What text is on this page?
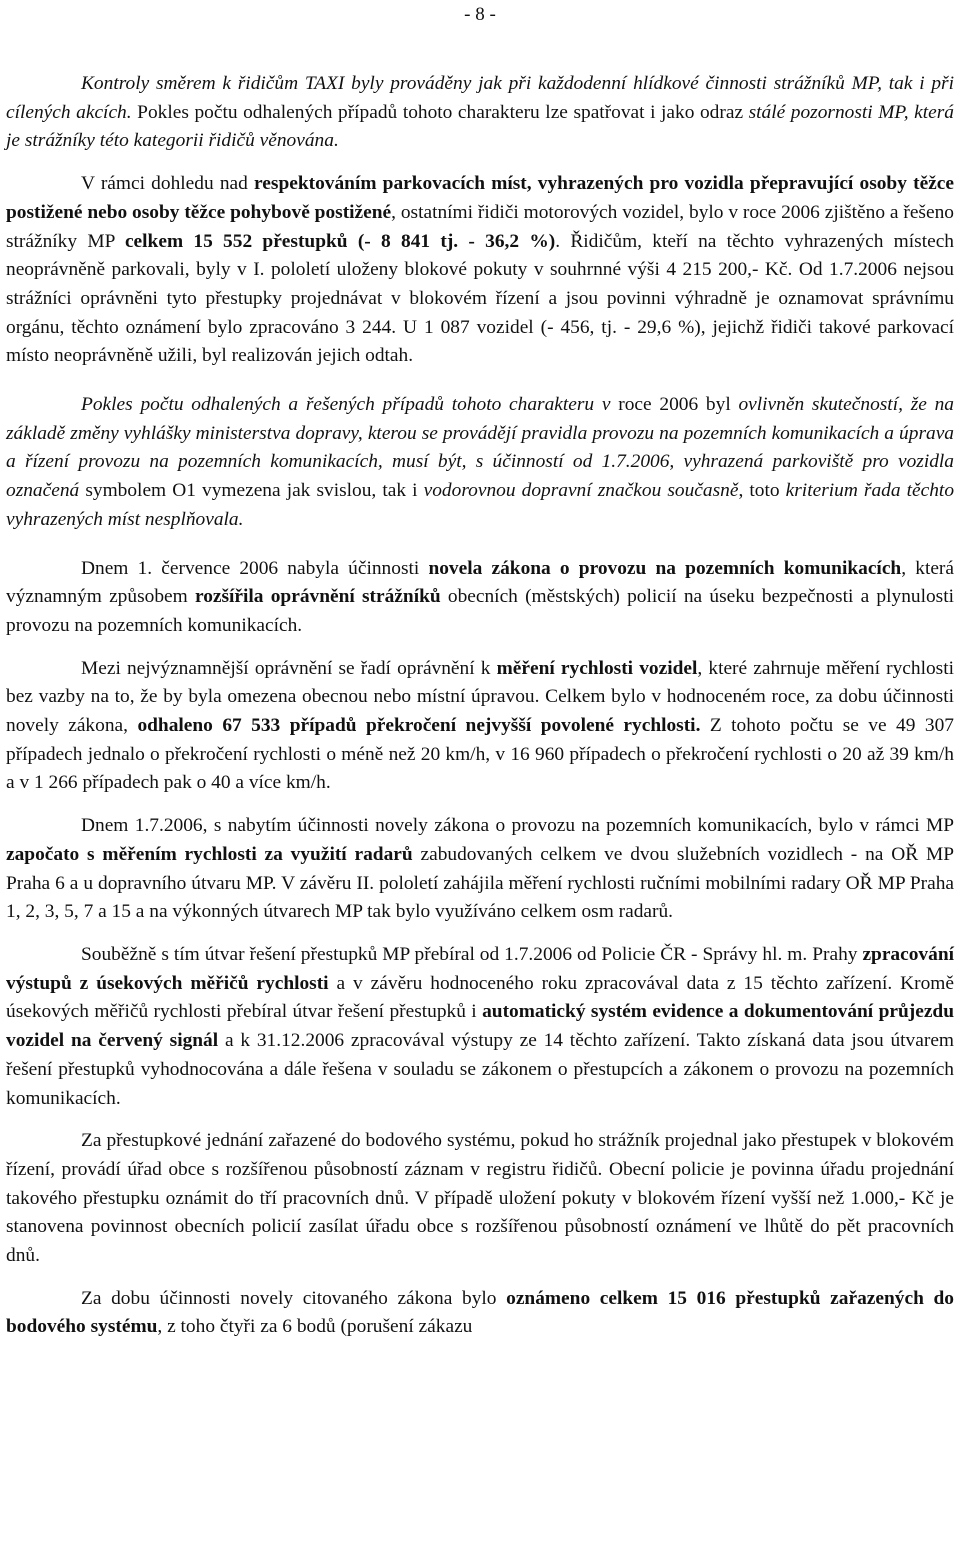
- 8 -

Kontroly směrem k řidičům TAXI byly prováděny jak při každodenní hlídkové činnosti strážníků MP, tak i při cílených akcích. Pokles počtu odhalených případů tohoto charakteru lze spatřovat i jako odraz stálé pozornosti MP, která je strážníky této kategorii řidičů věnována.

V rámci dohledu nad respektováním parkovacích míst, vyhrazených pro vozidla přepravující osoby těžce postižené nebo osoby těžce pohybově postižené, ostatními řidiči motorových vozidel, bylo v roce 2006 zjištěno a řešeno strážníky MP celkem 15 552 přestupků (- 8 841 tj. - 36,2 %). Řidičům, kteří na těchto vyhrazených místech neoprávněně parkovali, byly v I. pololetí uloženy blokové pokuty v souhrnné výši 4 215 200,- Kč. Od 1.7.2006 nejsou strážníci oprávněni tyto přestupky projednávat v blokovém řízení a jsou povinni výhradně je oznamovat správnímu orgánu, těchto oznámení bylo zpracováno 3 244. U 1 087 vozidel (- 456, tj. - 29,6 %), jejichž řidiči takové parkovací místo neoprávněně užili, byl realizován jejich odtah.

Pokles počtu odhalených a řešených případů tohoto charakteru v roce 2006 byl ovlivněn skutečností, že na základě změny vyhlášky ministerstva dopravy, kterou se provádějí pravidla provozu na pozemních komunikacích a úprava a řízení provozu na pozemních komunikacích, musí být, s účinností od 1.7.2006, vyhrazená parkoviště pro vozidla označená symbolem O1 vymezena jak svislou, tak i vodorovnou dopravní značkou současně, toto kriterium řada těchto vyhrazených míst nesplňovala.

Dnem 1. července 2006 nabyla účinnosti novela zákona o provozu na pozemních komunikacích, která významným způsobem rozšířila oprávnění strážníků obecních (městských) policií na úseku bezpečnosti a plynulosti provozu na pozemních komunikacích.

Mezi nejvýznamnější oprávnění se řadí oprávnění k měření rychlosti vozidel, které zahrnuje měření rychlosti bez vazby na to, že by byla omezena obecnou nebo místní úpravou. Celkem bylo v hodnoceném roce, za dobu účinnosti novely zákona, odhaleno 67 533 případů překročení nejvyšší povolené rychlosti. Z tohoto počtu se ve 49 307 případech jednalo o překročení rychlosti o méně než 20 km/h, v 16 960 případech o překročení rychlosti o 20 až 39 km/h a v 1 266 případech pak o 40 a více km/h.

Dnem 1.7.2006, s nabytím účinnosti novely zákona o provozu na pozemních komunikacích, bylo v rámci MP započato s měřením rychlosti za využití radarů zabudovaných celkem ve dvou služebních vozidlech - na OŘ MP Praha 6 a u dopravního útvaru MP. V závěru II. pololetí zahájila měření rychlosti ručními mobilními radary OŘ MP Praha 1, 2, 3, 5, 7 a 15 a na výkonných útvarech MP tak bylo využíváno celkem osm radarů.

Souběžně s tím útvar řešení přestupků MP přebíral od 1.7.2006 od Policie ČR - Správy hl. m. Prahy zpracování výstupů z úsekových měřičů rychlosti a v závěru hodnoceného roku zpracovával data z 15 těchto zařízení. Kromě úsekových měřičů rychlosti přebíral útvar řešení přestupků i automatický systém evidence a dokumentování průjezdu vozidel na červený signál a k 31.12.2006 zpracovával výstupy ze 14 těchto zařízení. Takto získaná data jsou útvarem řešení přestupků vyhodnocována a dále řešena v souladu se zákonem o přestupcích a zákonem o provozu na pozemních komunikacích.

Za přestupkové jednání zařazené do bodového systému, pokud ho strážník projednal jako přestupek v blokovém řízení, provádí úřad obce s rozšířenou působností záznam v registru řidičů. Obecní policie je povinna úřadu projednání takového přestupku oznámit do tří pracovních dnů. V případě uložení pokuty v blokovém řízení vyšší než 1.000,- Kč je stanovena povinnost obecních policií zasílat úřadu obce s rozšířenou působností oznámení ve lhůtě do pět pracovních dnů.

Za dobu účinnosti novely citovaného zákona bylo oznámeno celkem 15 016 přestupků zařazených do bodového systému, z toho čtyři za 6 bodů (porušení zákazu
